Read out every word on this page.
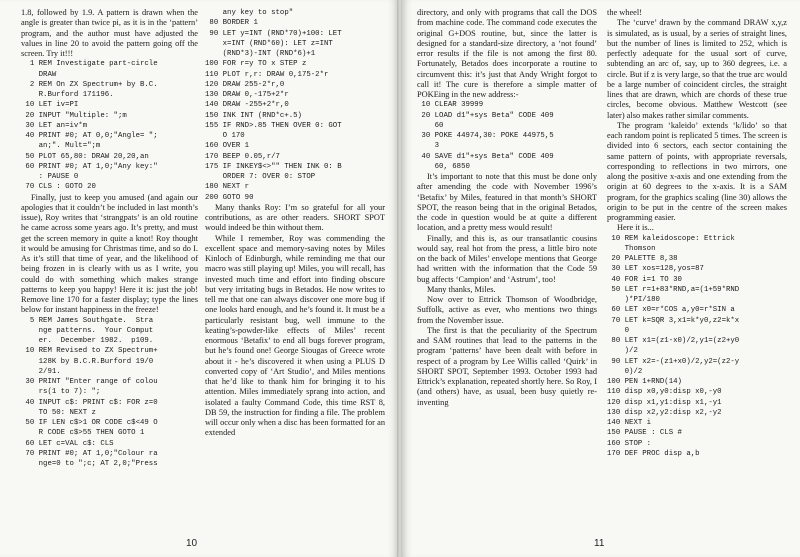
1.8, followed by 1.9. A pattern is drawn when the angle is greater than twice pi, as it is in the ‘pattern’ program, and the author must have adjusted the values in line 20 to avoid the pattern going off the screen. Try it!!!

1 REM Investigate part-circle
DRAW
2 REM On ZX Spectrum+ by B.C.
R.Burford 171196.
10 LET iv=PI
20 INPUT "Multiple: ";m
30 LET an=iv*m
40 PRINT #0; AT 0,0;"Angle= ";
an;". Mult=";m
50 PLOT 65,80: DRAW 20,20,an
60 PRINT #0; AT 1,0;"Any key:"
: PAUSE 0
70 CLS : GOTO 20

Finally, just to keep you amused (and again our apologies that it couldn’t be included in last month’s issue), Roy writes that ‘strangpats’ is an old routine he came across some years ago. It’s pretty, and must get the screen memory in quite a knot! Roy thought it would be amusing for Christmas time, and so do I. As it’s still that time of year, and the likelihood of being frozen in is clearly with us as I write, you could do with something which makes strange patterns to keep you happy! Here it is: just the job! Remove line 170 for a faster display; type the lines below for instant happiness in the freeze!

5 REM James Southgate.  Stra
nge patterns.  Your Comput
er.  December 1982.  p109.
10 REM Revised to ZX Spectrum+
128K by B.C.R.Burford 19/0
2/91.
30 PRINT "Enter range of colou
rs(1 to 7): ";
40 INPUT c$: PRINT c$: FOR z=0
TO 50: NEXT z
50 IF LEN c$>1 OR CODE c$<49 O
R CODE c$>55 THEN GOTO 1
60 LET c=VAL c$: CLS
70 PRINT #0; AT 1,0;"Colour ra
nge=0 to ";c; AT 2,0;"Press
any key to stop"
80 BORDER 1
90 LET y=INT (RND*70)+100: LET
x=INT (RND*60): LET z=INT
(RND*3)-INT (RND*6)+1
100 FOR r=y TO x STEP z
110 PLOT r,r: DRAW 0,175-2*r
120 DRAW 255-2*r,0
130 DRAW 0,-175+2*r
140 DRAW -255+2*r,0
150 INK INT (RND*c+.5)
155 IF RND>.85 THEN OVER 0: GOT
O 170
160 OVER 1
170 BEEP 0.05,r/7
175 IF INKEY$<>"" THEN INK 0: B
ORDER 7: OVER 0: STOP
180 NEXT r
200 GOTO 90

Many thanks Roy: I’m so grateful for all your contributions, as are other readers. SHORT SPOT would indeed be thin without them.

While I remember, Roy was commending the excellent space and memory-saving notes by Miles Kinloch of Edinburgh, while reminding me that our macro was still playing up! Miles, you will recall, has invested much time and effort into finding obscure but very irritating bugs in Betados. He now writes to tell me that one can always discover one more bug if one looks hard enough, and he’s found it. It must be a particularly resistant bug, well immune to the keating’s-powder-like effects of Miles’ recent enormous ‘Betafix’ to end all bugs forever program, but he’s found one! George Siougas of Greece wrote about it - he’s discovered it when using a PLUS D converted copy of ‘Art Studio’, and Miles mentions that he’d like to thank him for bringing it to his attention. Miles immediately sprang into action, and isolated a faulty Command Code, this time RST 8, DB 59, the instruction for finding a file. The problem will occur only when a disc has been formatted for an extended

10

directory, and only with programs that call the DOS from machine code. The command code executes the original G+DOS routine, but, since the latter is designed for a standard-size directory, a ‘not found’ error results if the file is not among the first 80. Fortunately, Betados does incorporate a routine to circumvent this: it’s just that Andy Wright forgot to call it! The cure is therefore a simple matter of POKEing in the new address:-

10 CLEAR 39999
20 LOAD d1"+sys Beta" CODE 409
60
30 POKE 44974,30: POKE 44975,5
3
40 SAVE d1"+sys Beta" CODE 409
60, 6850

It’s important to note that this must be done only after amending the code with November 1996’s ‘Betafix’ by Miles, featured in that month’s SHORT SPOT, the reason being that in the original Betados, the code in question would be at quite a different location, and a pretty mess would result!

Finally, and this is, as our transatlantic cousins would say, real hot from the press, a little biro note on the back of Miles’ envelope mentions that George had written with the information that the Code 59 bug affects ‘Campion’ and ‘Astrum’, too!

Many thanks, Miles.

Now over to Ettrick Thomson of Woodbridge, Suffolk, active as ever, who mentions two things from the November issue.

The first is that the peculiarity of the Spectrum and SAM routines that lead to the patterns in the program ‘patterns’ have been dealt with before in respect of a program by Lee Willis called ‘Quirk’ in SHORT SPOT, September 1993. October 1993 had Ettrick’s explanation, repeated shortly here. So Roy, I (and others) have, as usual, been busy quietly re-inventing

the wheel!

The ‘curve’ drawn by the command DRAW x,y,z is simulated, as is usual, by a series of straight lines, but the number of lines is limited to 252, which is perfectly adequate for the usual sort of curve, subtending an arc of, say, up to 360 degrees, i.e. a circle. But if z is very large, so that the true arc would be a large number of coincident circles, the straight lines that are drawn, which are chords of these true circles, become obvious. Matthew Westcott (see later) also makes rather similar comments.

The program ‘kaleido’ extends ‘k/lido’ so that each random point is replicated 5 times. The screen is divided into 6 sectors, each sector containing the same pattern of points, with appropriate reversals, corresponding to reflections in two mirrors, one along the positive x-axis and one extending from the origin at 60 degrees to the x-axis. It is a SAM program, for the graphics scaling (line 30) allows the origin to be put in the centre of the screen makes programming easier.

Here it is...

10 REM kaleidoscope: Ettrick
Thomson
20 PALETTE 8,38
30 LET xos=128,yos=87
40 FOR i=1 TO 30
50 LET r=1+83*RND,a=(1+59*RND
)*PI/180
60 LET x0=r*COS a,y0=r*SIN a
70 LET k=SQR 3,x1=k*y0,z2=k*x
0
80 LET x1=(z1-x0)/2,y1=(z2+y0
)/2
90 LET x2=-(z1+x0)/2,y2=(z2-y
0)/2
100 PEN 1+RND(14)
110 disp x0,y0:disp x0,-y0
120 disp x1,y1:disp x1,-y1
130 disp x2,y2:disp x2,-y2
140 NEXT i
150 PAUSE : CLS #
160 STOP :
170 DEF PROC disp a,b
11
